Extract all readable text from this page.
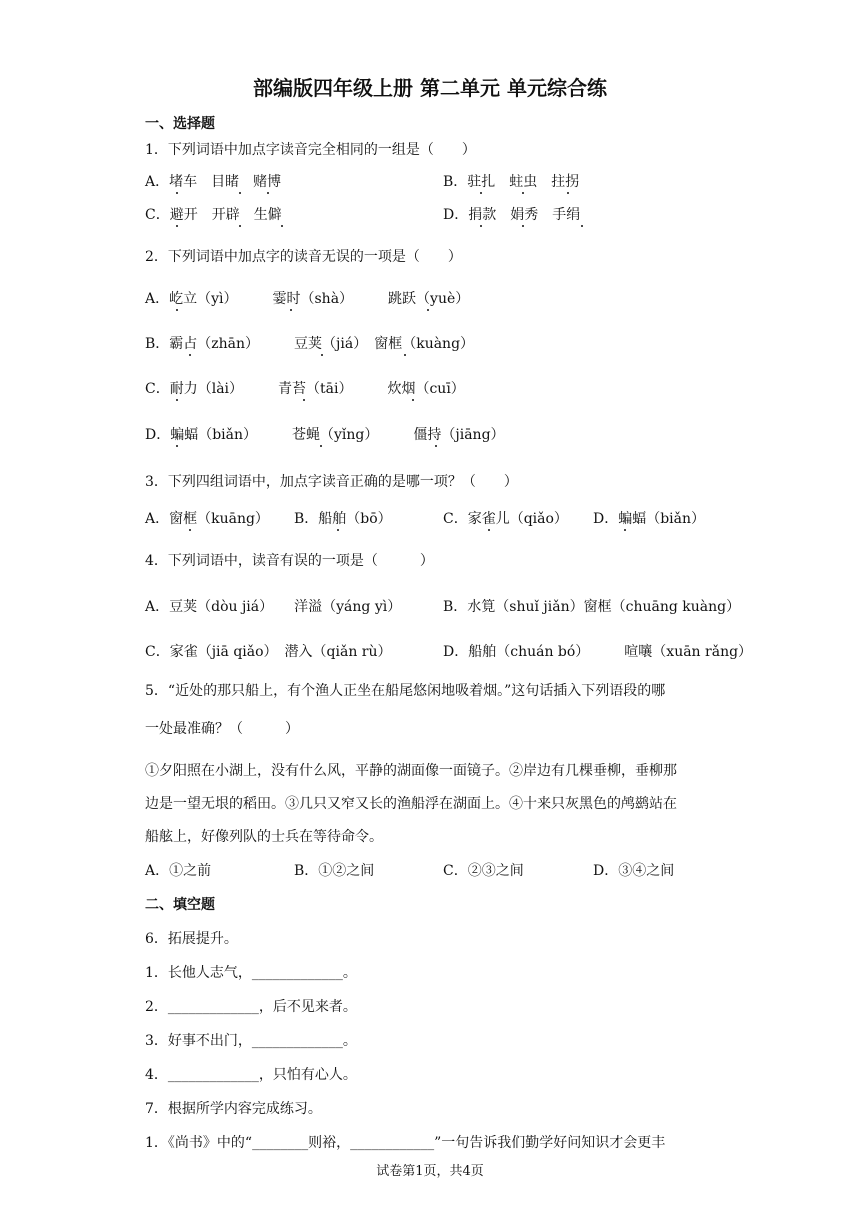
部编版四年级上册 第二单元 单元综合练
一、选择题
1．下列词语中加点字读音完全相同的一组是（　　）
A．堵车　目睹　赌博	B．驻扎　蛀虫　拄拐
C．避开　开辟　生僻	D．捐款　娟秀　手绢
2．下列词语中加点字的读音无误的一项是（　　）
A．屹立（yì）　　　霎时（shà）　　　跳跃（yuè）
B．霸占（zhān）　　　豆荚（jiá）　窗框（kuàng）
C．耐力（lài）　　　青苔（tāi）　　　炊烟（cuī）
D．蝙蝠（biǎn）　　　苍蝇（yǐng）　　　僵持（jiāng）
3．下列四组词语中，加点字读音正确的是哪一项？（　　）
A．窗框（kuāng） B．船舶（bō）	C．家雀儿（qiǎo） D．蝙蝠（biǎn）
4．下列词语中，读音有误的一项是（　　　）
A．豆荚（dòu jiá）　　洋溢（yáng yì）	B．水筧（shuǐ jiǎn）窗框（chuāng kuàng）
C．家雀（jiā qiǎo）　潜入（qiǎn rù）	D．船舶（chuán bó）　　　喧嚷（xuān rǎng）
5．“近处的那只船上，有个渔人正坐在船尾悠闲地吸着烟。”这句话插入下列语段的哪
一处最准确？（　　　）
①夕阳照在小湖上，没有什么风，平静的湖面像一面镜子。②岸边有几棵垂柳，垂柳那
边是一望无垠的稻田。③几只又窄又长的渔船浮在湖面上。④十来只灰黑色的鸬鹚站在
船舷上，好像列队的士兵在等待命令。
A．①之前	B．①②之间	C．②③之间	D．③④之间
二、填空题
6．拓展提升。
1．长他人志气，_____________。
2．_____________，后不见来者。
3．好事不出门，_____________。
4．_____________，只怕有心人。
7．根据所学内容完成练习。
1．《尚书》中的“________则裕，____________”一句告诉我们勤学好问知识才会更丰
试卷第1页，共4页
